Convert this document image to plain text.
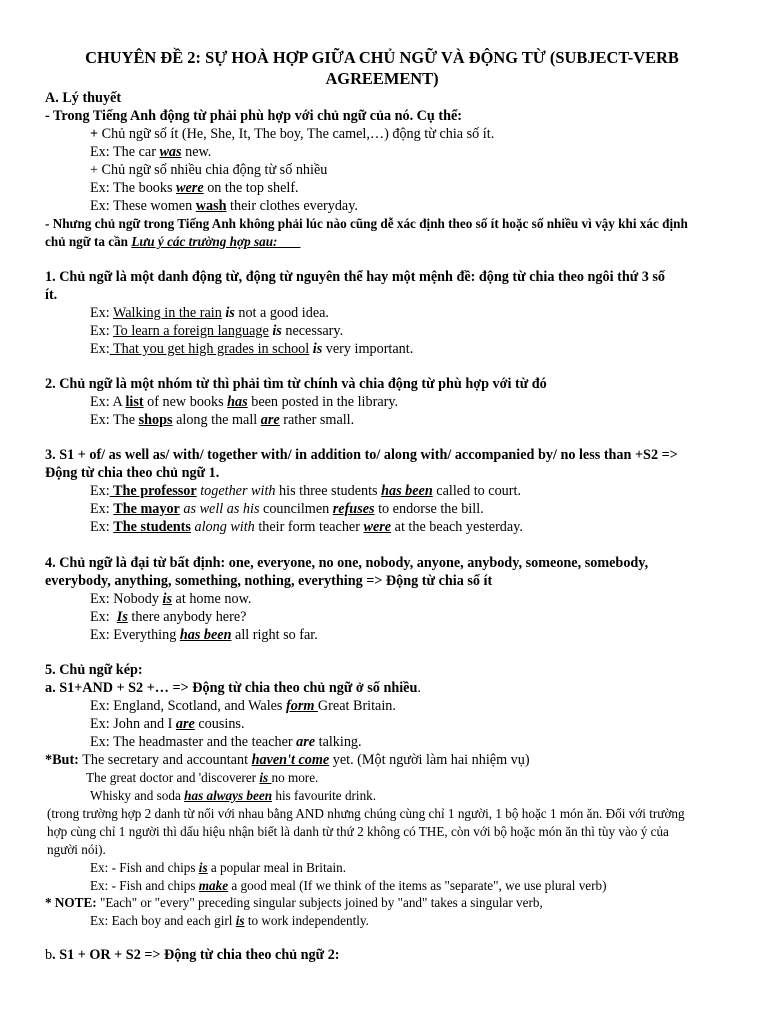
CHUYÊN ĐỀ 2: SỰ HOÀ HỢP GIỮA CHỦ NGỮ VÀ ĐỘNG TỪ (SUBJECT-VERB
AGREEMENT)
A. Lý thuyết
- Trong Tiếng Anh động từ phải phù hợp với chủ ngữ của nó. Cụ thể:
+ Chủ ngữ số ít (He, She, It, The boy, The camel,…) động từ chia số ít.
Ex: The car was new.
+ Chủ ngữ số nhiều chia động từ số nhiều
Ex: The books were on the top shelf.
Ex: These women wash their clothes everyday.
- Nhưng chủ ngữ trong Tiếng Anh không phải lúc nào cũng dễ xác định theo số ít hoặc số nhiều vì vậy khi xác định
chủ ngữ ta cần Lưu ý các trường hợp sau:
1. Chủ ngữ là một danh động từ, động từ nguyên thể hay một mệnh đề: động từ chia theo ngôi thứ 3 số
ít.
Ex: Walking in the rain is not a good idea.
Ex: To learn a foreign language is necessary.
Ex: That you get high grades in school is very important.
2. Chủ ngữ là một nhóm từ thì phải tìm từ chính và chia động từ phù hợp với từ đó
Ex: A list of new books has been posted in the library.
Ex: The shops along the mall are rather small.
3. S1 + of/ as well as/ with/ together with/ in addition to/ along with/ accompanied by/ no less than +S2 =>
Động từ chia theo chủ ngữ 1.
Ex: The professor together with his three students has been called to court.
Ex: The mayor as well as his councilmen refuses to endorse the bill.
Ex: The students along with their form teacher were at the beach yesterday.
4. Chủ ngữ là đại từ bất định: one, everyone, no one, nobody, anyone, anybody, someone, somebody,
everybody, anything, something, nothing, everything => Động từ chia số ít
Ex: Nobody is at home now.
Ex:  Is there anybody here?
Ex: Everything has been all right so far.
5. Chủ ngữ kép:
a. S1+AND + S2 +… => Động từ chia theo chủ ngữ ở số nhiều.
Ex: England, Scotland, and Wales form Great Britain.
Ex: John and I are cousins.
Ex: The headmaster and the teacher are talking.
*But: The secretary and accountant haven't come yet. (Một người làm hai nhiệm vụ)
The great doctor and 'discoverer is no more.
Whisky and soda has always been his favourite drink.
(trong trường hợp 2 danh từ nối với nhau bằng AND nhưng chúng cùng chỉ 1 người, 1 bộ hoặc 1 món ăn. Đối với trường
hợp cùng chỉ 1 người thì dấu hiệu nhận biết là danh từ thứ 2 không có THE, còn với bộ hoặc món ăn thì tùy vào ý của
người nói).
Ex: - Fish and chips is a popular meal in Britain.
Ex: - Fish and chips make a good meal (If we think of the items as "separate", we use plural verb)
* NOTE: "Each" or "every" preceding singular subjects joined by "and" takes a singular verb,
Ex: Each boy and each girl is to work independently.
b. S1 + OR + S2 => Động từ chia theo chủ ngữ 2:
